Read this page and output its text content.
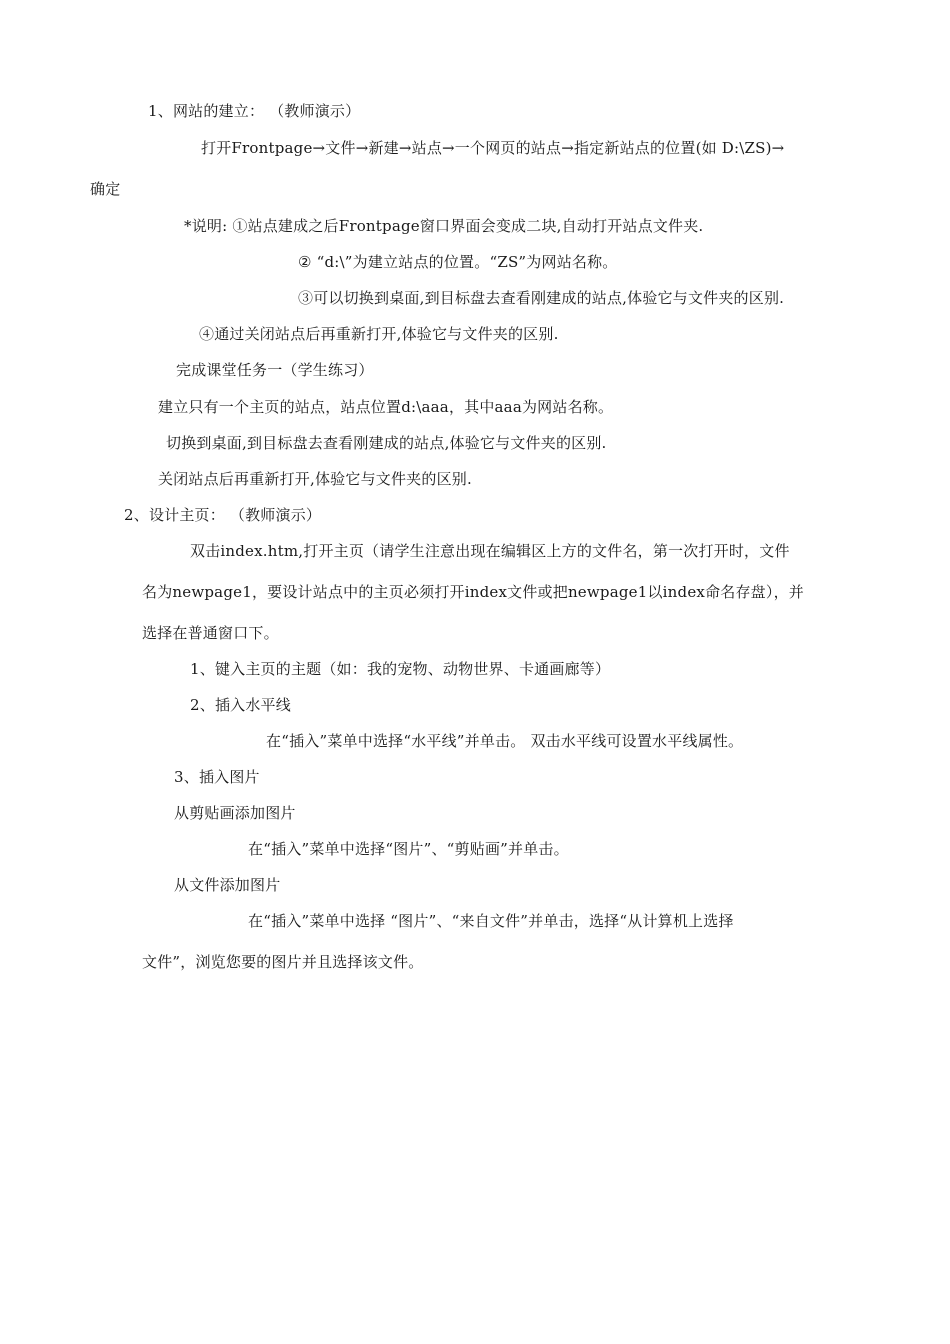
1、网站的建立： （教师演示）
打开Frontpage→文件→新建→站点→一个网页的站点→指定新站点的位置(如 D:\ZS)→
确定
*说明: ①站点建成之后Frontpage窗口界面会变成二块,自动打开站点文件夹.
② “d:\”为建立站点的位置。“ZS”为网站名称。
③可以切换到桌面,到目标盘去查看刚建成的站点,体验它与文件夹的区别.
④通过关闭站点后再重新打开,体验它与文件夹的区别.
完成课堂任务一（学生练习）
建立只有一个主页的站点，站点位置d:\aaa，其中aaa为网站名称。
切换到桌面,到目标盘去查看刚建成的站点,体验它与文件夹的区别.
关闭站点后再重新打开,体验它与文件夹的区别.
2、设计主页： （教师演示）
双击index.htm,打开主页（请学生注意出现在编辑区上方的文件名，第一次打开时，文件
名为newpage1，要设计站点中的主页必须打开index文件或把newpage1以index命名存盘），并
选择在普通窗口下。
1、键入主页的主题（如：我的宠物、动物世界、卡通画廊等）
2、插入水平线
在“插入”菜单中选择“水平线”并单击。 双击水平线可设置水平线属性。
3、插入图片
从剪贴画添加图片
在“插入”菜单中选择“图片”、“剪贴画”并单击。
从文件添加图片
在“插入”菜单中选择 “图片”、“来自文件”并单击，选择“从计算机上选择
文件”，浏览您要的图片并且选择该文件。
